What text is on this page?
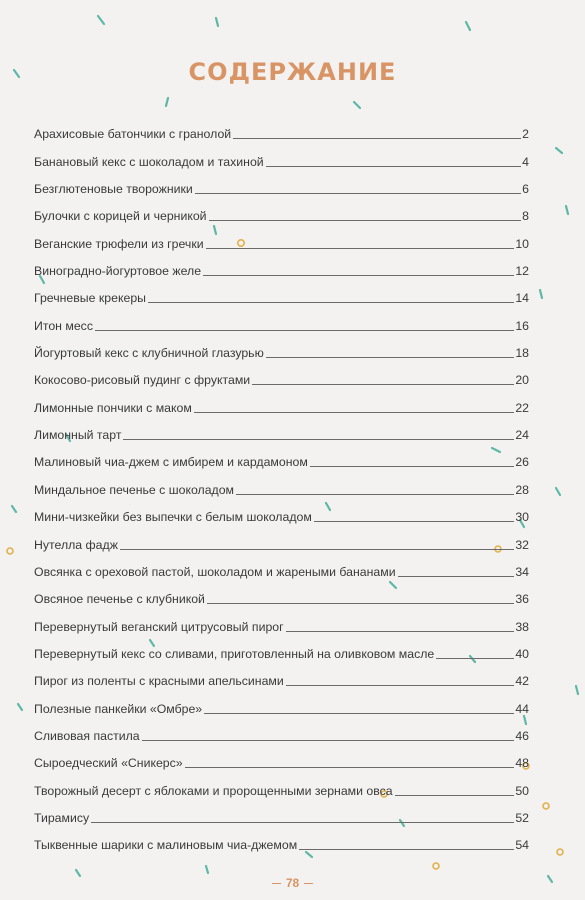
СОДЕРЖАНИЕ
Арахисовые батончики с гранолой	2
Банановый кекс с шоколадом и тахиной	4
Безглютеновые творожники	6
Булочки с корицей и черникой	8
Веганские трюфели из гречки	10
Виноградно-йогуртовое желе	12
Гречневые крекеры	14
Итон месс	16
Йогуртовый кекс с клубничной глазурью	18
Кокосово-рисовый пудинг с фруктами	20
Лимонные пончики с маком	22
Лимонный тарт	24
Малиновый чиа-джем с имбирем и кардамоном	26
Миндальное печенье с шоколадом	28
Мини-чизкейки без выпечки с белым шоколадом	30
Нутелла фадж	32
Овсянка с ореховой пастой, шоколадом и жареными бананами	34
Овсяное печенье с клубникой	36
Перевернутый веганский цитрусовый пирог	38
Перевернутый кекс со сливами, приготовленный на оливковом масле	40
Пирог из поленты с красными апельсинами	42
Полезные панкейки «Омбре»	44
Сливовая пастила	46
Сыроедческий «Сникерс»	48
Творожный десерт с яблоками и пророщенными зернами овса	50
Тирамису	52
Тыквенные шарики с малиновым чиа-джемом	54
78
